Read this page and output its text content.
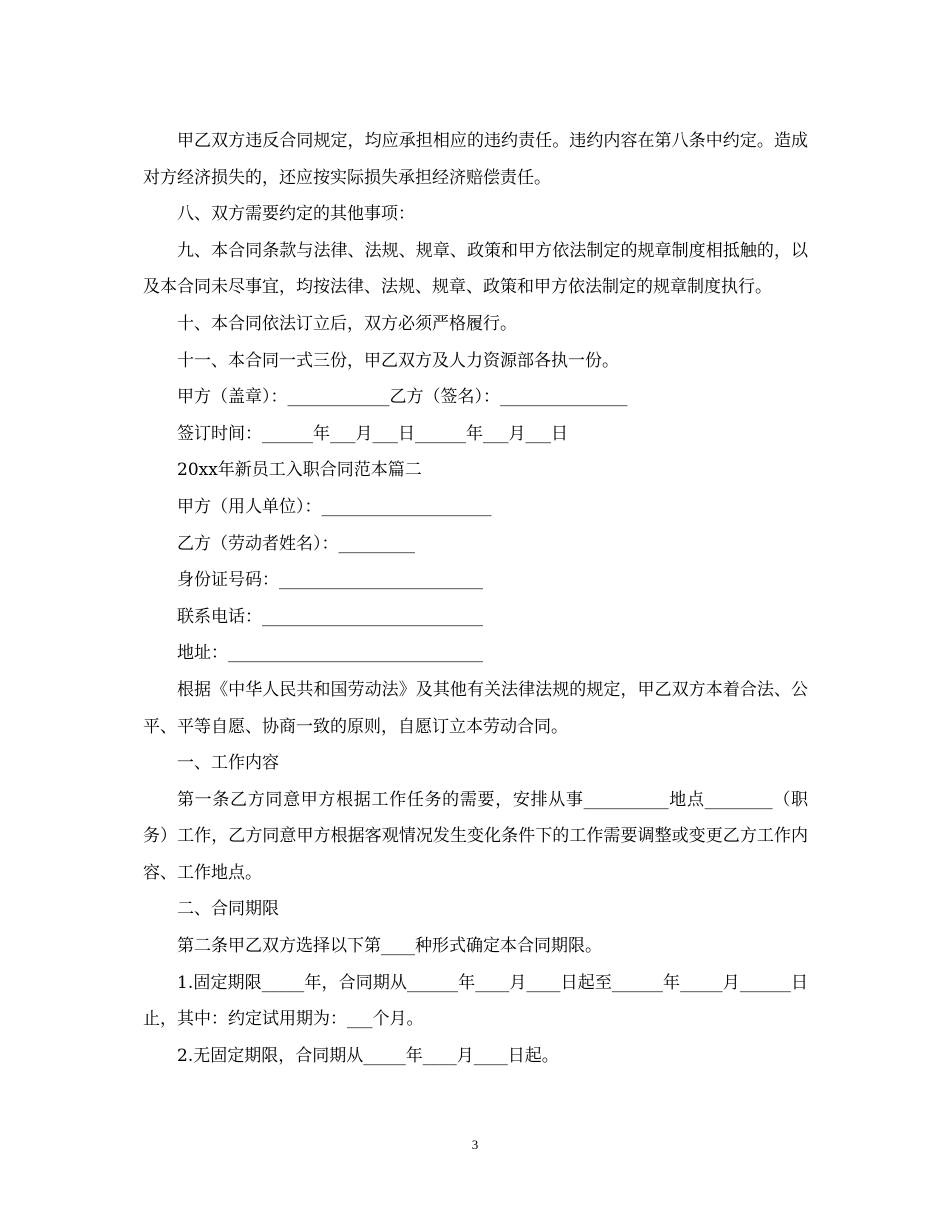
甲乙双方违反合同规定，均应承担相应的违约责任。违约内容在第八条中约定。造成对方经济损失的，还应按实际损失承担经济赔偿责任。

八、双方需要约定的其他事项：

九、本合同条款与法律、法规、规章、政策和甲方依法制定的规章制度相抵触的，以及本合同未尽事宜，均按法律、法规、规章、政策和甲方依法制定的规章制度执行。

十、本合同依法订立后，双方必须严格履行。

十一、本合同一式三份，甲乙双方及人力资源部各执一份。

甲方（盖章）：____________乙方（签名）：_______________

签订时间：______年___月___日______年___月___日

20xx年新员工入职合同范本篇二

甲方（用人单位）：____________________

乙方（劳动者姓名）：_________

身份证号码：________________________

联系电话：__________________________

地址：______________________________

根据《中华人民共和国劳动法》及其他有关法律法规的规定，甲乙双方本着合法、公平、平等自愿、协商一致的原则，自愿订立本劳动合同。

一、工作内容

第一条乙方同意甲方根据工作任务的需要，安排从事__________地点________（职务）工作，乙方同意甲方根据客观情况发生变化条件下的工作需要调整或变更乙方工作内容、工作地点。

二、合同期限

第二条甲乙双方选择以下第____种形式确定本合同期限。

1.固定期限_____年，合同期从______年____月____日起至______年_____月______日止，其中：约定试用期为：___个月。

2.无固定期限，合同期从_____年____月____日起。

3
